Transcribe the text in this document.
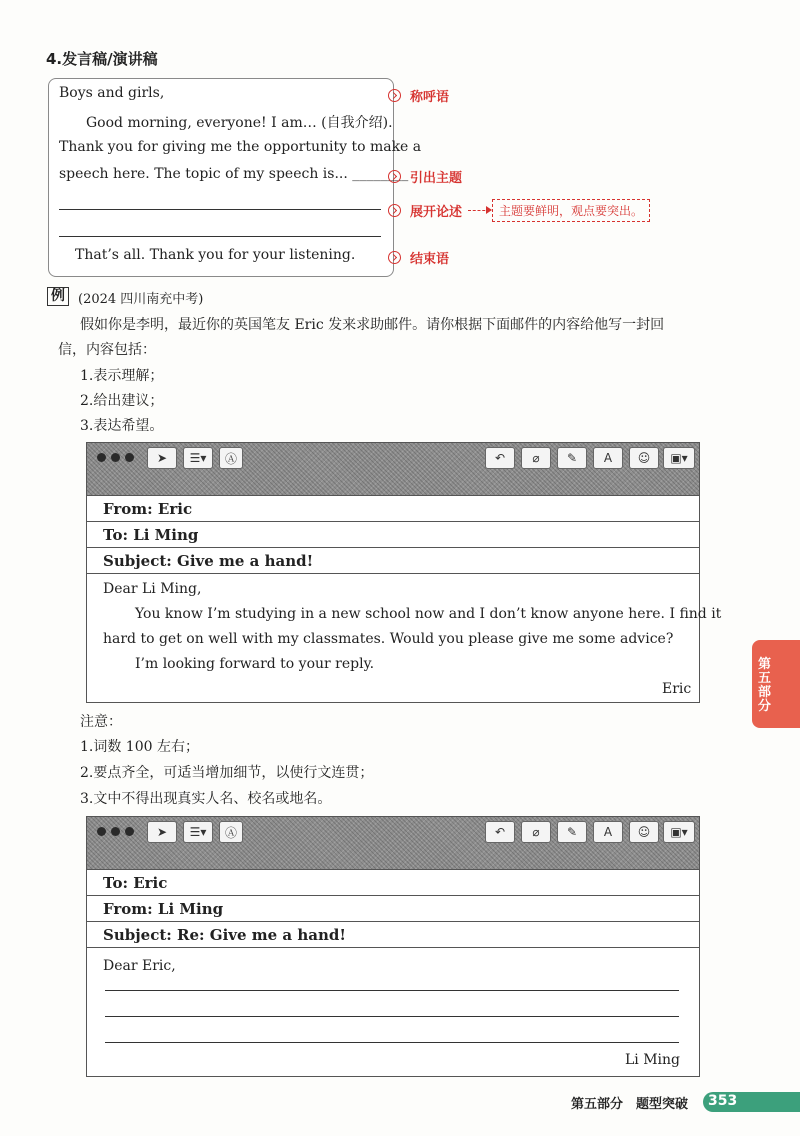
4.发言稿/演讲稿
Boys and girls,
Good morning, everyone! I am… (自我介绍).
Thank you for giving me the opportunity to make a
speech here. The topic of my speech is... ________
That’s all. Thank you for your listening.
称呼语
引出主题
展开论述	主题要鲜明，观点要突出。
结束语
例	(2024 四川南充中考)
假如你是李明，最近你的英国笔友 Eric 发来求助邮件。请你根据下面邮件的内容给他写一封回
信，内容包括：
1.表示理解；
2.给出建议；
3.表达希望。
➤	☰▾	Ⓐ	↶	⌀	✎	A	☺	▣▾
From: Eric
To: Li Ming
Subject: Give me a hand!
Dear Li Ming,
You know I’m studying in a new school now and I don’t know anyone here. I find it
hard to get on well with my classmates. Would you please give me some advice?
I’m looking forward to your reply.
Eric
注意：
1.词数 100 左右；
2.要点齐全，可适当增加细节，以使行文连贯；
3.文中不得出现真实人名、校名或地名。
➤	☰▾	Ⓐ	↶	⌀	✎	A	☺	▣▾
To: Eric
From: Li Ming
Subject: Re: Give me a hand!
Dear Eric,
Li Ming
第五部分
第五部分　题型突破 353
